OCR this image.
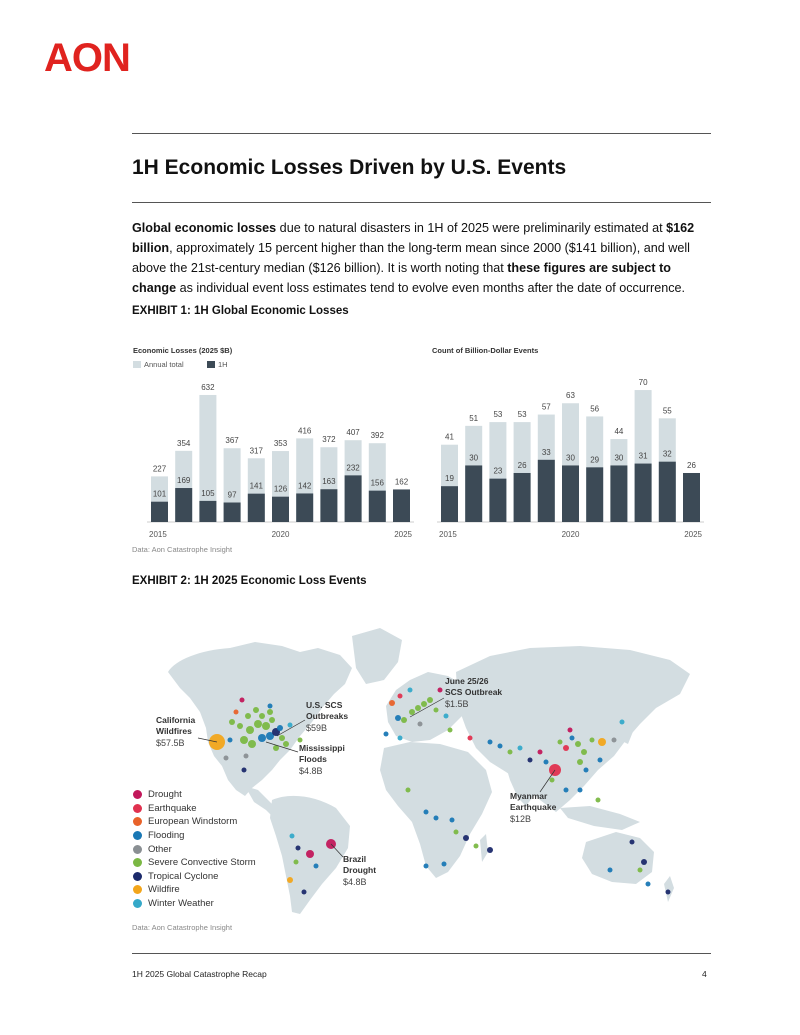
AON
1H Economic Losses Driven by U.S. Events
Global economic losses due to natural disasters in 1H of 2025 were preliminarily estimated at $162 billion, approximately 15 percent higher than the long-term mean since 2000 ($141 billion), and well above the 21st-century median ($126 billion). It is worth noting that these figures are subject to change as individual event loss estimates tend to evolve even months after the date of occurrence.
EXHIBIT 1: 1H Global Economic Losses
Economic Losses (2025 $B)
Annual total	1H
Count of Billion-Dollar Events
227
101
354
169
632
105
367
97
317
141
353
126
416
142
372
163
407
232
392
156 162
2015	2020	2025
41
19
51
30
53
23
53
26
57
33
63
30
56
29
44
30
70
31
55
32
26
2015	2020	2025
Data: Aon Catastrophe Insight
EXHIBIT 2: 1H 2025 Economic Loss Events
California
Wildfires
$57.5B
U.S. SCS
Outbreaks
$59B
Mississippi
Floods
$4.8B
June 25/26
SCS Outbreak
$1.5B
Myanmar
Earthquake
$12B
Brazil
Drought
$4.8B
Drought
Earthquake
European Windstorm
Flooding
Other
Severe Convective Storm
Tropical Cyclone
Wildfire
Winter Weather
Data: Aon Catastrophe Insight
1H 2025 Global Catastrophe Recap	4
